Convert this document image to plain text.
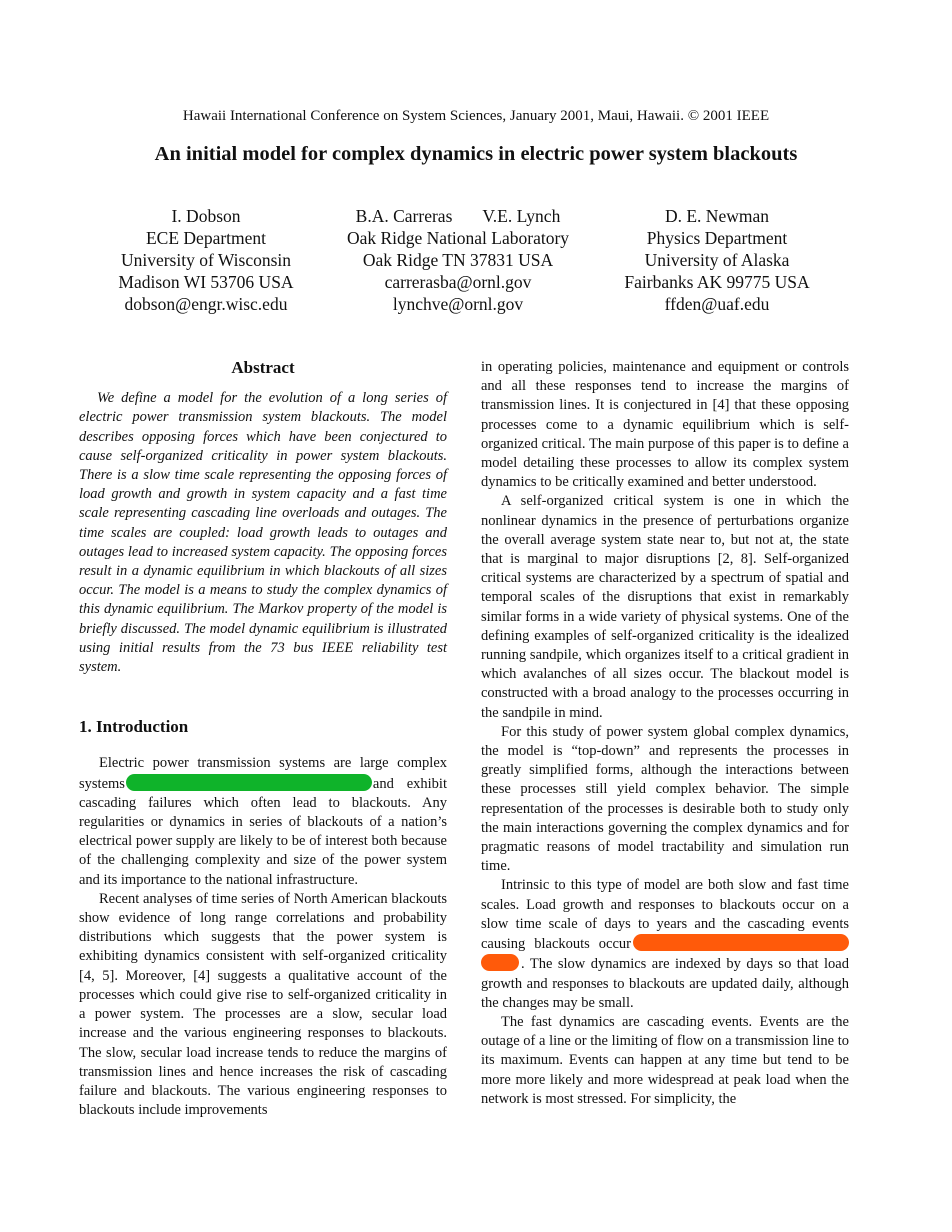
Hawaii International Conference on System Sciences, January 2001, Maui, Hawaii. © 2001 IEEE
An initial model for complex dynamics in electric power system blackouts
I. Dobson
ECE Department
University of Wisconsin
Madison WI 53706 USA
dobson@engr.wisc.edu
B.A. Carreras V.E. Lynch
Oak Ridge National Laboratory
Oak Ridge TN 37831 USA
carrerasba@ornl.gov
lynchve@ornl.gov
D. E. Newman
Physics Department
University of Alaska
Fairbanks AK 99775 USA
ffden@uaf.edu
Abstract

We define a model for the evolution of a long series of electric power transmission system blackouts. The model describes opposing forces which have been conjectured to cause self-organized criticality in power system blackouts. There is a slow time scale representing the opposing forces of load growth and growth in system capacity and a fast time scale representing cascading line overloads and outages. The time scales are coupled: load growth leads to outages and outages lead to increased system capacity. The opposing forces result in a dynamic equilibrium in which blackouts of all sizes occur. The model is a means to study the complex dynamics of this dynamic equilibrium. The Markov property of the model is briefly discussed. The model dynamic equilibrium is illustrated using initial results from the 73 bus IEEE reliability test system.

1. Introduction

Electric power transmission systems are large complex systems	and exhibit cascading failures which often lead to blackouts. Any regularities or dynamics in series of blackouts of a nation’s electrical power supply are likely to be of interest both because of the challenging complexity and size of the power system and its importance to the national infrastructure.

Recent analyses of time series of North American blackouts show evidence of long range correlations and probability distributions which suggests that the power system is exhibiting dynamics consistent with self-organized criticality [4, 5]. Moreover, [4] suggests a qualitative account of the processes which could give rise to self-organized criticality in a power system. The processes are a slow, secular load increase and the various engineering responses to blackouts. The slow, secular load increase tends to reduce the margins of transmission lines and hence increases the risk of cascading failure and blackouts. The various engineering responses to blackouts include improvements

in operating policies, maintenance and equipment or controls and all these responses tend to increase the margins of transmission lines. It is conjectured in [4] that these opposing processes come to a dynamic equilibrium which is self-organized critical. The main purpose of this paper is to define a model detailing these processes to allow its complex system dynamics to be critically examined and better understood.

A self-organized critical system is one in which the nonlinear dynamics in the presence of perturbations organize the overall average system state near to, but not at, the state that is marginal to major disruptions [2, 8]. Self-organized critical systems are characterized by a spectrum of spatial and temporal scales of the disruptions that exist in remarkably similar forms in a wide variety of physical systems. One of the defining examples of self-organized criticality is the idealized running sandpile, which organizes itself to a critical gradient in which avalanches of all sizes occur. The blackout model is constructed with a broad analogy to the processes occurring in the sandpile in mind.

For this study of power system global complex dynamics, the model is “top-down” and represents the processes in greatly simplified forms, although the interactions between these processes still yield complex behavior. The simple representation of the processes is desirable both to study only the main interactions governing the complex dynamics and for pragmatic reasons of model tractability and simulation run time.

Intrinsic to this type of model are both slow and fast time scales. Load growth and responses to blackouts occur on a slow time scale of days to years and the cascading events causing blackouts occur . The slow dynamics are indexed by days so that load growth and responses to blackouts are updated daily, although the changes may be small.

The fast dynamics are cascading events. Events are the outage of a line or the limiting of flow on a transmission line to its maximum. Events can happen at any time but tend to be more more likely and more widespread at peak load when the network is most stressed. For simplicity, the
